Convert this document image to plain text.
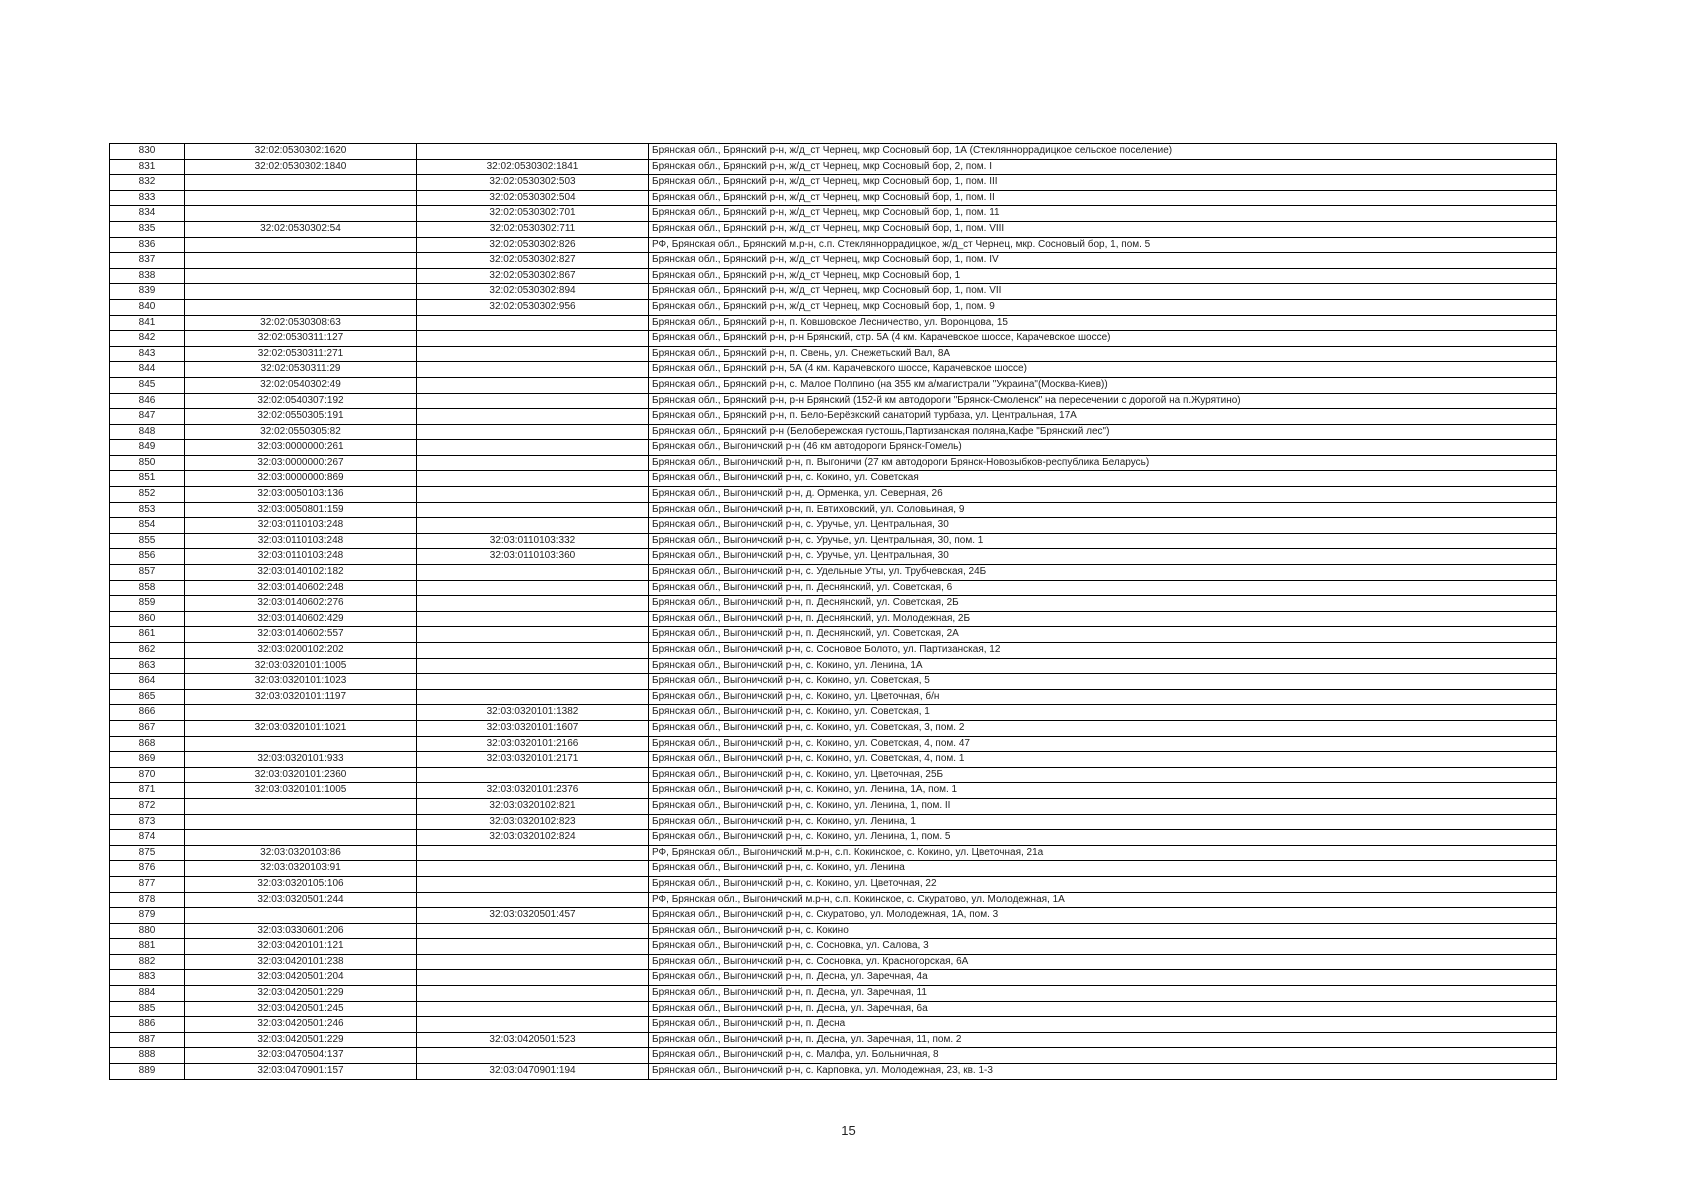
830	32:02:0530302:1620		Брянская обл., Брянский р-н, ж/д_ст Чернец, мкр Сосновый бор, 1А (Стеклянноррадицкое сельское поселение)
831	32:02:0530302:1840	32:02:0530302:1841	Брянская обл., Брянский р-н, ж/д_ст Чернец, мкр Сосновый бор, 2, пом. I
832		32:02:0530302:503	Брянская обл., Брянский р-н, ж/д_ст Чернец, мкр Сосновый бор, 1, пом. III
833		32:02:0530302:504	Брянская обл., Брянский р-н, ж/д_ст Чернец, мкр Сосновый бор, 1, пом. II
834		32:02:0530302:701	Брянская обл., Брянский р-н, ж/д_ст Чернец, мкр Сосновый бор, 1, пом. 11
835	32:02:0530302:54	32:02:0530302:711	Брянская обл., Брянский р-н, ж/д_ст Чернец, мкр Сосновый бор, 1, пом. VIII
836		32:02:0530302:826	РФ, Брянская обл., Брянский м.р-н, с.п. Стеклянноррадицкое, ж/д_ст Чернец, мкр. Сосновый бор, 1, пом. 5
837		32:02:0530302:827	Брянская обл., Брянский р-н, ж/д_ст Чернец, мкр Сосновый бор, 1, пом. IV
838		32:02:0530302:867	Брянская обл., Брянский р-н, ж/д_ст Чернец, мкр Сосновый бор, 1
839		32:02:0530302:894	Брянская обл., Брянский р-н, ж/д_ст Чернец, мкр Сосновый бор, 1, пом. VII
840		32:02:0530302:956	Брянская обл., Брянский р-н, ж/д_ст Чернец, мкр Сосновый бор, 1, пом. 9
841	32:02:0530308:63		Брянская обл., Брянский р-н, п. Ковшовское Лесничество, ул. Воронцова, 15
842	32:02:0530311:127		Брянская обл., Брянский р-н, р-н Брянский, стр. 5А (4 км. Карачевское шоссе, Карачевское шоссе)
843	32:02:0530311:271		Брянская обл., Брянский р-н, п. Свень, ул. Снежетьский Вал, 8А
844	32:02:0530311:29		Брянская обл., Брянский р-н, 5А (4 км. Карачевского шоссе, Карачевское шоссе)
845	32:02:0540302:49		Брянская обл., Брянский р-н, с. Малое Полпино (на 355 км а/магистрали "Украина"(Москва-Киев))
846	32:02:0540307:192		Брянская обл., Брянский р-н, р-н Брянский (152-й км автодороги "Брянск-Смоленск" на пересечении с дорогой на п.Журятино)
847	32:02:0550305:191		Брянская обл., Брянский р-н, п. Бело-Берёзкский санаторий турбаза, ул. Центральная, 17А
848	32:02:0550305:82		Брянская обл., Брянский р-н (Белобережская густошь,Партизанская поляна,Кафе "Брянский лес")
849	32:03:0000000:261		Брянская обл., Выгоничский р-н (46 км автодороги Брянск-Гомель)
850	32:03:0000000:267		Брянская обл., Выгоничский р-н, п. Выгоничи (27 км автодороги Брянск-Новозыбков-республика Беларусь)
851	32:03:0000000:869		Брянская обл., Выгоничский р-н, с. Кокино, ул. Советская
852	32:03:0050103:136		Брянская обл., Выгоничский р-н, д. Орменка, ул. Северная, 26
853	32:03:0050801:159		Брянская обл., Выгоничский р-н, п. Евтиховский, ул. Соловьиная, 9
854	32:03:0110103:248		Брянская обл., Выгоничский р-н, с. Уручье, ул. Центральная, 30
855	32:03:0110103:248	32:03:0110103:332	Брянская обл., Выгоничский р-н, с. Уручье, ул. Центральная, 30, пом. 1
856	32:03:0110103:248	32:03:0110103:360	Брянская обл., Выгоничский р-н, с. Уручье, ул. Центральная, 30
857	32:03:0140102:182		Брянская обл., Выгоничский р-н, с. Удельные Уты, ул. Трубчевская, 24Б
858	32:03:0140602:248		Брянская обл., Выгоничский р-н, п. Деснянский, ул. Советская, 6
859	32:03:0140602:276		Брянская обл., Выгоничский р-н, п. Деснянский, ул. Советская, 2Б
860	32:03:0140602:429		Брянская обл., Выгоничский р-н, п. Деснянский, ул. Молодежная, 2Б
861	32:03:0140602:557		Брянская обл., Выгоничский р-н, п. Деснянский, ул. Советская, 2А
862	32:03:0200102:202		Брянская обл., Выгоничский р-н, с. Сосновое Болото, ул. Партизанская, 12
863	32:03:0320101:1005		Брянская обл., Выгоничский р-н, с. Кокино, ул. Ленина, 1А
864	32:03:0320101:1023		Брянская обл., Выгоничский р-н, с. Кокино, ул. Советская, 5
865	32:03:0320101:1197		Брянская обл., Выгоничский р-н, с. Кокино, ул. Цветочная, б/н
866		32:03:0320101:1382	Брянская обл., Выгоничский р-н, с. Кокино, ул. Советская, 1
867	32:03:0320101:1021	32:03:0320101:1607	Брянская обл., Выгоничский р-н, с. Кокино, ул. Советская, 3, пом. 2
868		32:03:0320101:2166	Брянская обл., Выгоничский р-н, с. Кокино, ул. Советская, 4, пом. 47
869	32:03:0320101:933	32:03:0320101:2171	Брянская обл., Выгоничский р-н, с. Кокино, ул. Советская, 4, пом. 1
870	32:03:0320101:2360		Брянская обл., Выгоничский р-н, с. Кокино, ул. Цветочная, 25Б
871	32:03:0320101:1005	32:03:0320101:2376	Брянская обл., Выгоничский р-н, с. Кокино, ул. Ленина, 1А, пом. 1
872		32:03:0320102:821	Брянская обл., Выгоничский р-н, с. Кокино, ул. Ленина, 1, пом. II
873		32:03:0320102:823	Брянская обл., Выгоничский р-н, с. Кокино, ул. Ленина, 1
874		32:03:0320102:824	Брянская обл., Выгоничский р-н, с. Кокино, ул. Ленина, 1, пом. 5
875	32:03:0320103:86		РФ, Брянская обл., Выгоничский м.р-н, с.п. Кокинское, с. Кокино, ул. Цветочная, 21а
876	32:03:0320103:91		Брянская обл., Выгоничский р-н, с. Кокино, ул. Ленина
877	32:03:0320105:106		Брянская обл., Выгоничский р-н, с. Кокино, ул. Цветочная, 22
878	32:03:0320501:244		РФ, Брянская обл., Выгоничский м.р-н, с.п. Кокинское, с. Скуратово, ул. Молодежная, 1А
879		32:03:0320501:457	Брянская обл., Выгоничский р-н, с. Скуратово, ул. Молодежная, 1А, пом. 3
880	32:03:0330601:206		Брянская обл., Выгоничский р-н, с. Кокино
881	32:03:0420101:121		Брянская обл., Выгоничский р-н, с. Сосновка, ул. Салова, 3
882	32:03:0420101:238		Брянская обл., Выгоничский р-н, с. Сосновка, ул. Красногорская, 6А
883	32:03:0420501:204		Брянская обл., Выгоничский р-н, п. Десна, ул. Заречная, 4а
884	32:03:0420501:229		Брянская обл., Выгоничский р-н, п. Десна, ул. Заречная, 11
885	32:03:0420501:245		Брянская обл., Выгоничский р-н, п. Десна, ул. Заречная, 6а
886	32:03:0420501:246		Брянская обл., Выгоничский р-н, п. Десна
887	32:03:0420501:229	32:03:0420501:523	Брянская обл., Выгоничский р-н, п. Десна, ул. Заречная, 11, пом. 2
888	32:03:0470504:137		Брянская обл., Выгоничский р-н, с. Малфа, ул. Больничная, 8
889	32:03:0470901:157	32:03:0470901:194	Брянская обл., Выгоничский р-н, с. Карповка, ул. Молодежная, 23, кв. 1-3
15
